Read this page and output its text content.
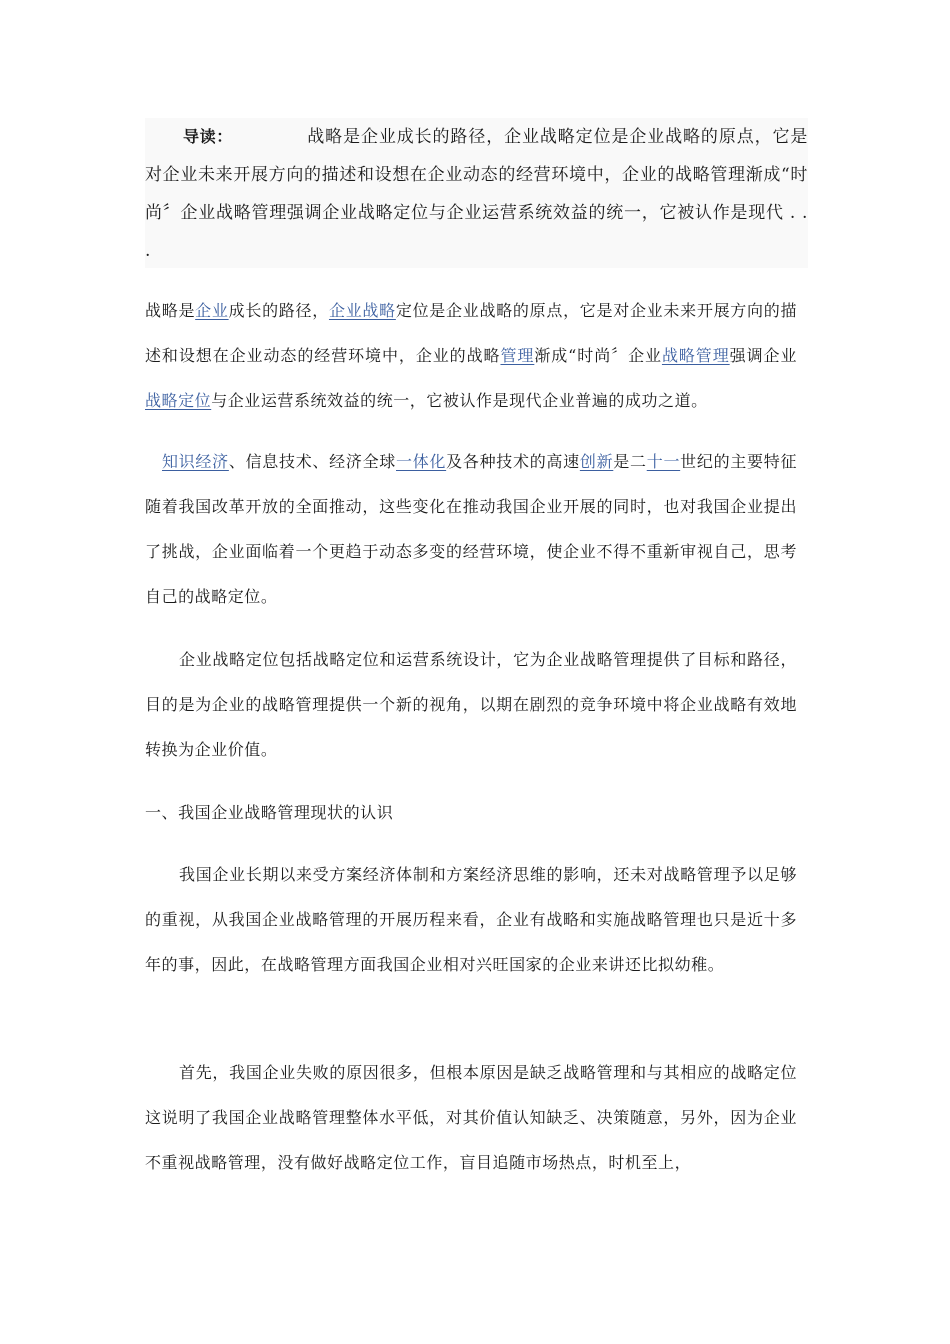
导读：	战略是企业成长的路径，企业战略定位是企业战略的原点，它是对企业未来开展方向的描述和设想在企业动态的经营环境中，企业的战略管理渐成“时尚〞企业战略管理强调企业战略定位与企业运营系统效益的统一，它被认作是现代 . . .

战略是企业成长的路径，企业战略定位是企业战略的原点，它是对企业未来开展方向的描述和设想在企业动态的经营环境中，企业的战略管理渐成“时尚〞企业战略管理强调企业战略定位与企业运营系统效益的统一，它被认作是现代企业普遍的成功之道。

知识经济、信息技术、经济全球一体化及各种技术的高速创新是二十一世纪的主要特征随着我国改革开放的全面推动，这些变化在推动我国企业开展的同时，也对我国企业提出了挑战，企业面临着一个更趋于动态多变的经营环境，使企业不得不重新审视自己，思考自己的战略定位。

企业战略定位包括战略定位和运营系统设计，它为企业战略管理提供了目标和路径，目的是为企业的战略管理提供一个新的视角，以期在剧烈的竞争环境中将企业战略有效地转换为企业价值。

一、我国企业战略管理现状的认识

我国企业长期以来受方案经济体制和方案经济思维的影响，还未对战略管理予以足够的重视，从我国企业战略管理的开展历程来看，企业有战略和实施战略管理也只是近十多年的事，因此，在战略管理方面我国企业相对兴旺国家的企业来讲还比拟幼稚。

首先，我国企业失败的原因很多，但根本原因是缺乏战略管理和与其相应的战略定位这说明了我国企业战略管理整体水平低，对其价值认知缺乏、决策随意，另外，因为企业不重视战略管理，没有做好战略定位工作，盲目追随市场热点，时机至上，
